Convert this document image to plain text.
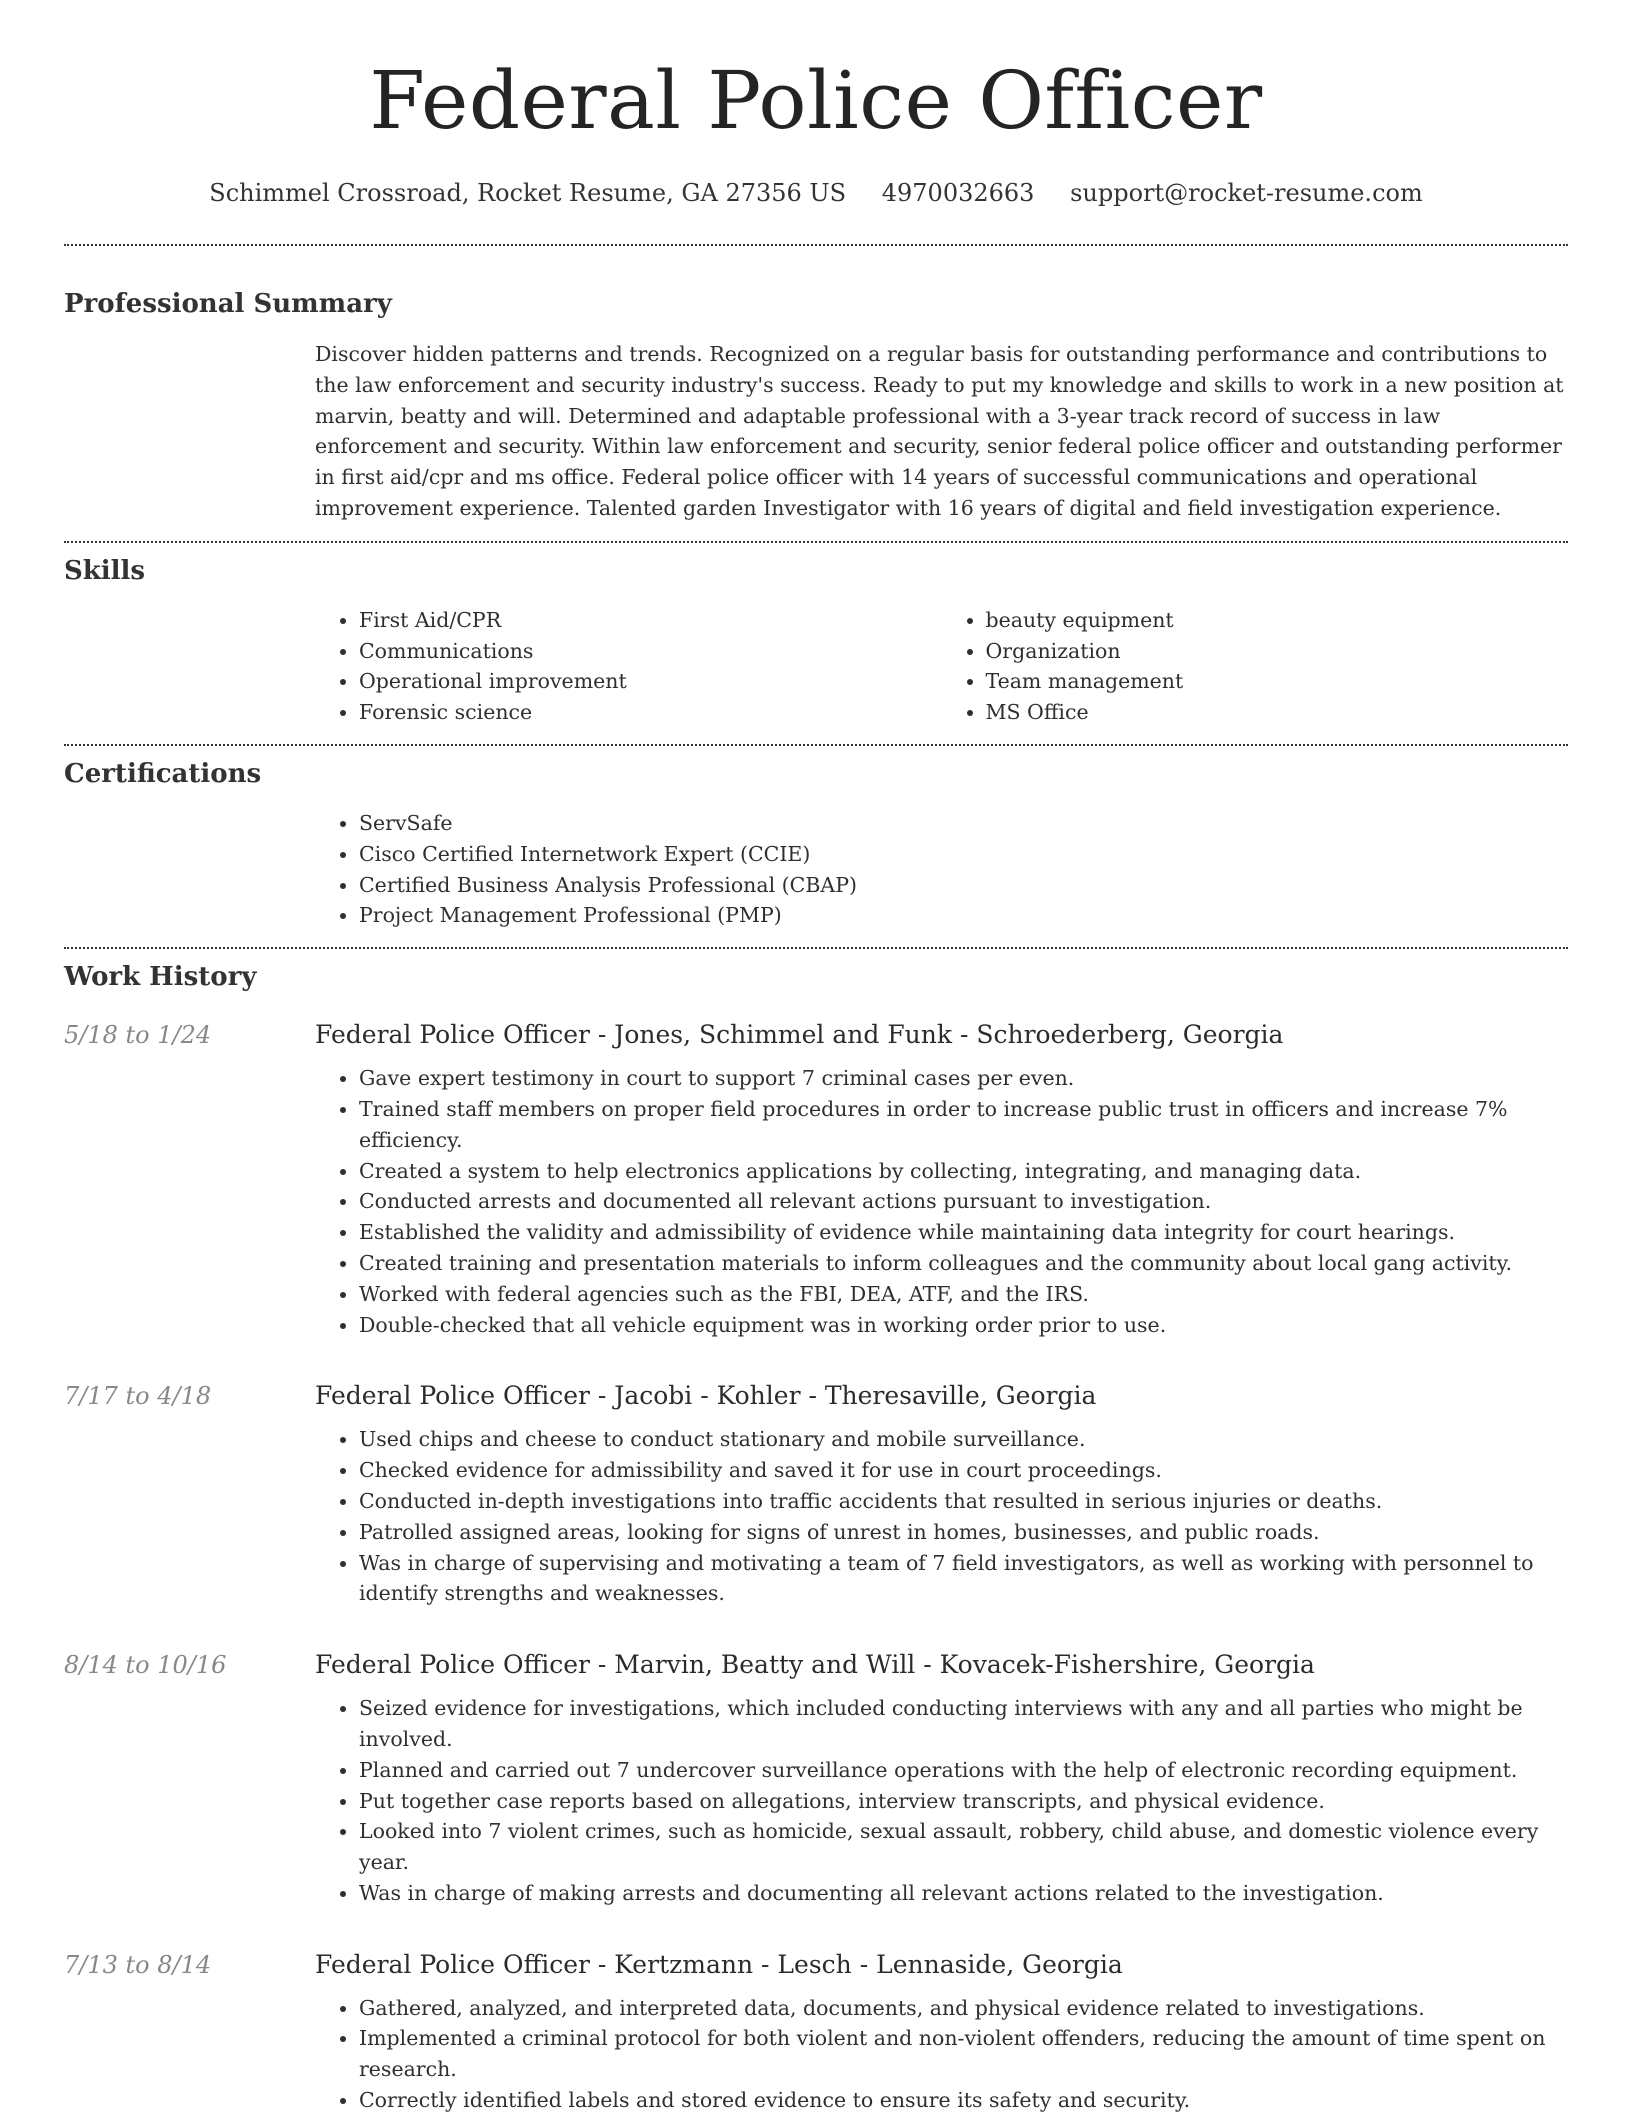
Federal Police Officer
Schimmel Crossroad, Rocket Resume, GA 27356 US 4970032663 support@rocket-resume.com
Professional Summary

Discover hidden patterns and trends. Recognized on a regular basis for outstanding performance and contributions to the law enforcement and security industry's success. Ready to put my knowledge and skills to work in a new position at marvin, beatty and will. Determined and adaptable professional with a 3-year track record of success in law enforcement and security. Within law enforcement and security, senior federal police officer and outstanding performer in first aid/cpr and ms office. Federal police officer with 14 years of successful communications and operational improvement experience. Talented garden Investigator with 16 years of digital and field investigation experience.

Skills
• First Aid/CPR
• Communications
• Operational improvement
• Forensic science
• beauty equipment
• Organization
• Team management
• MS Office
Certifications
• ServSafe
• Cisco Certified Internetwork Expert (CCIE)
• Certified Business Analysis Professional (CBAP)
• Project Management Professional (PMP)
Work History
5/18 to 1/24	Federal Police Officer - Jones, Schimmel and Funk - Schroederberg, Georgia
• Gave expert testimony in court to support 7 criminal cases per even.
• Trained staff members on proper field procedures in order to increase public trust in officers and increase 7% efficiency.
• Created a system to help electronics applications by collecting, integrating, and managing data.
• Conducted arrests and documented all relevant actions pursuant to investigation.
• Established the validity and admissibility of evidence while maintaining data integrity for court hearings.
• Created training and presentation materials to inform colleagues and the community about local gang activity.
• Worked with federal agencies such as the FBI, DEA, ATF, and the IRS.
• Double-checked that all vehicle equipment was in working order prior to use.
7/17 to 4/18	Federal Police Officer - Jacobi - Kohler - Theresaville, Georgia
• Used chips and cheese to conduct stationary and mobile surveillance.
• Checked evidence for admissibility and saved it for use in court proceedings.
• Conducted in-depth investigations into traffic accidents that resulted in serious injuries or deaths.
• Patrolled assigned areas, looking for signs of unrest in homes, businesses, and public roads.
• Was in charge of supervising and motivating a team of 7 field investigators, as well as working with personnel to identify strengths and weaknesses.
8/14 to 10/16	Federal Police Officer - Marvin, Beatty and Will - Kovacek-Fishershire, Georgia
• Seized evidence for investigations, which included conducting interviews with any and all parties who might be involved.
• Planned and carried out 7 undercover surveillance operations with the help of electronic recording equipment.
• Put together case reports based on allegations, interview transcripts, and physical evidence.
• Looked into 7 violent crimes, such as homicide, sexual assault, robbery, child abuse, and domestic violence every year.
• Was in charge of making arrests and documenting all relevant actions related to the investigation.
7/13 to 8/14	Federal Police Officer - Kertzmann - Lesch - Lennaside, Georgia
• Gathered, analyzed, and interpreted data, documents, and physical evidence related to investigations.
• Implemented a criminal protocol for both violent and non-violent offenders, reducing the amount of time spent on research.
• Correctly identified labels and stored evidence to ensure its safety and security.
